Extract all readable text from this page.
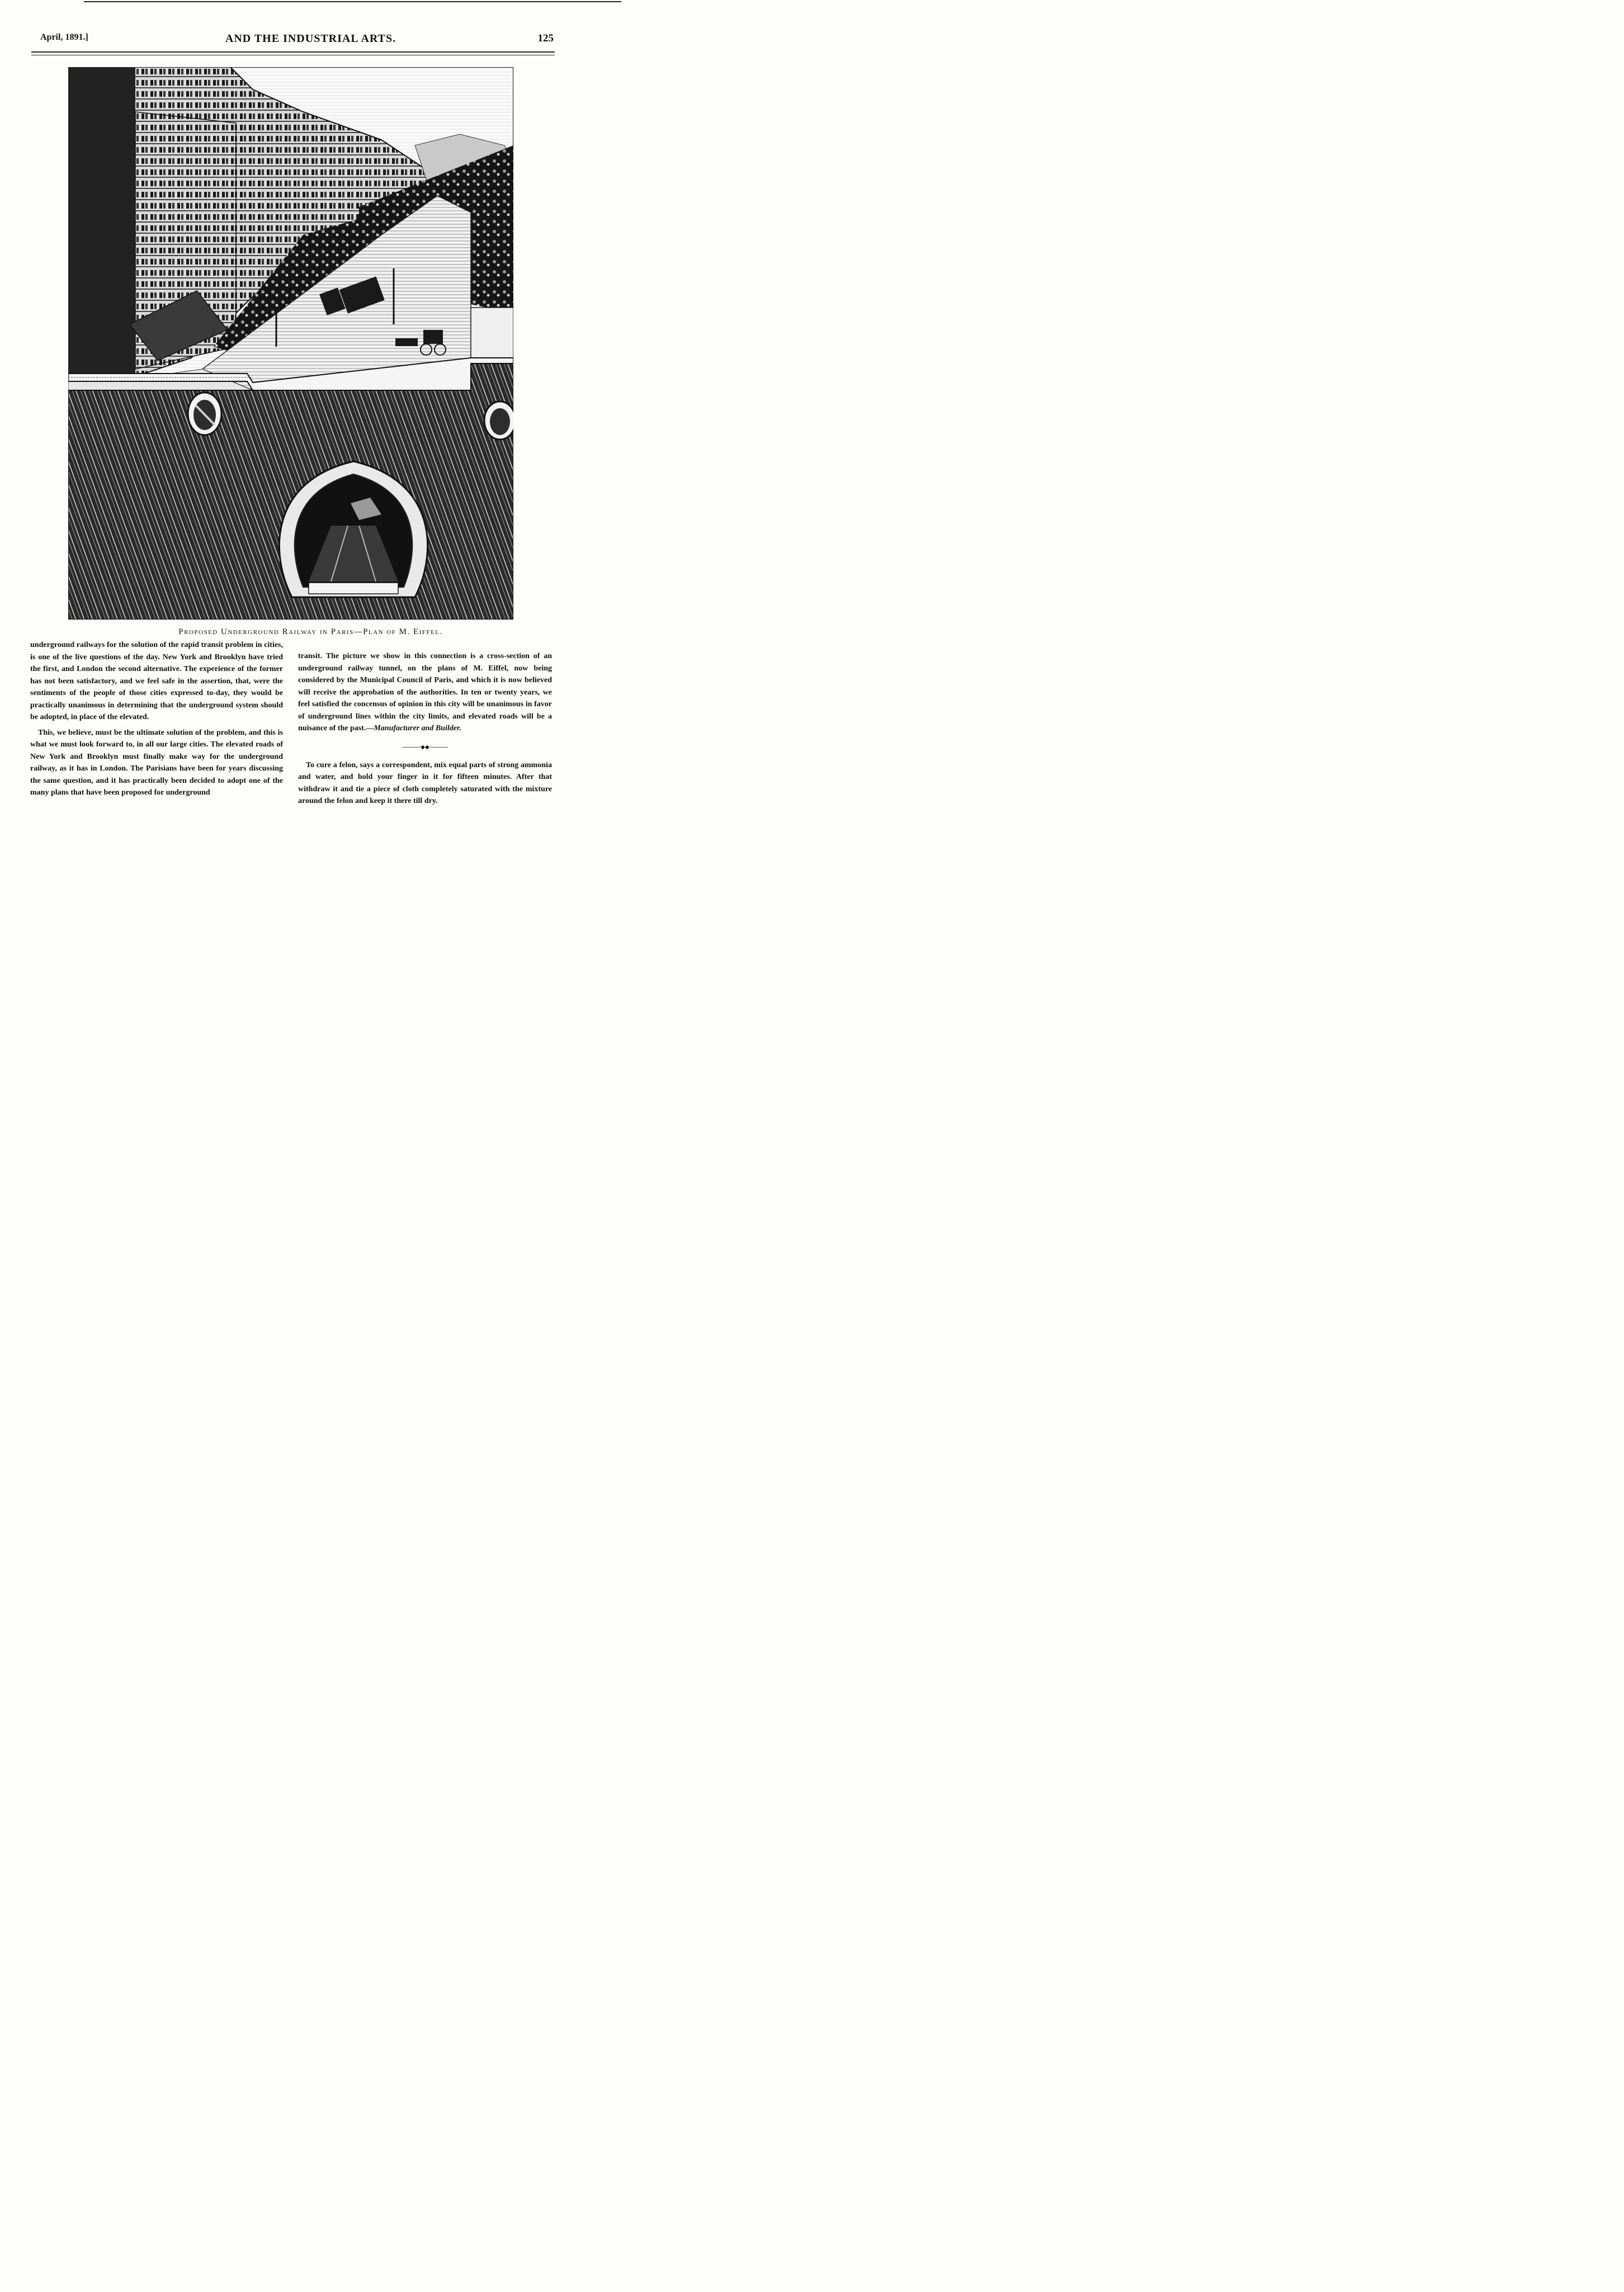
April, 1891.]	AND THE INDUSTRIAL ARTS.	125
Proposed Underground Railway in Paris—Plan of M. Eiffel.

underground railways for the solution of the rapid transit problem in cities, is one of the live questions of the day. New York and Brooklyn have tried the first, and London the second alternative. The experience of the former has not been satisfactory, and we feel safe in the assertion, that, were the sentiments of the people of those cities expressed to-day, they would be practically unanimous in determining that the underground system should be adopted, in place of the elevated.

This, we believe, must be the ultimate solution of the problem, and this is what we must look forward to, in all our large cities. The elevated roads of New York and Brooklyn must finally make way for the underground railway, as it has in London. The Parisians have been for years discussing the same question, and it has practically been decided to adopt one of the many plans that have been proposed for underground

transit. The picture we show in this connection is a cross-section of an underground railway tunnel, on the plans of M. Eiffel, now being considered by the Municipal Council of Paris, and which it is now believed will receive the approbation of the authorities. In ten or twenty years, we feel satisfied the concensus of opinion in this city will be unanimous in favor of underground lines within the city limits, and elevated roads will be a nuisance of the past.—Manufacturer and Builder.

———·◆◆·———

To cure a felon, says a correspondent, mix equal parts of strong ammonia and water, and hold your finger in it for fifteen minutes. After that withdraw it and tie a piece of cloth completely saturated with the mixture around the felon and keep it there till dry.
